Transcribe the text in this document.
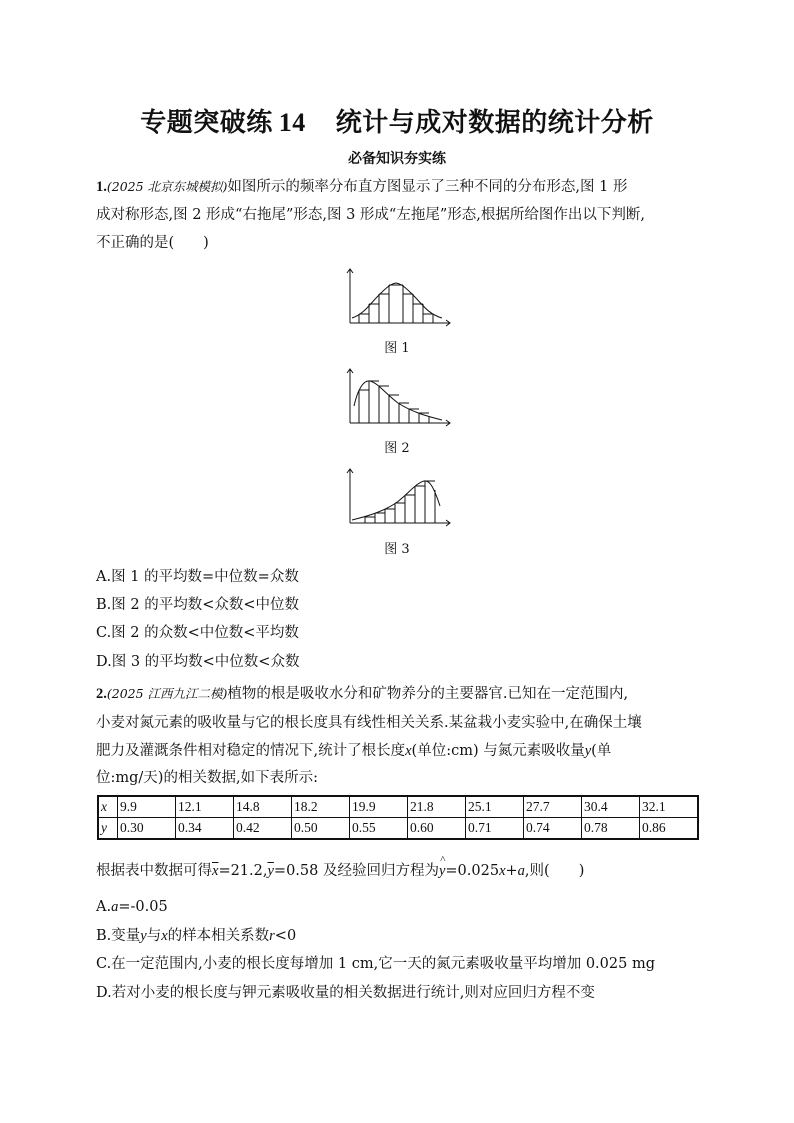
专题突破练 14 统计与成对数据的统计分析
必备知识夯实练
1.(2025 北京东城模拟)如图所示的频率分布直方图显示了三种不同的分布形态,图 1 形
成对称形态,图 2 形成“右拖尾”形态,图 3 形成“左拖尾”形态,根据所给图作出以下判断,
不正确的是(　　)
图 1
图 2
图 3
A.图 1 的平均数=中位数=众数
B.图 2 的平均数<众数<中位数
C.图 2 的众数<中位数<平均数
D.图 3 的平均数<中位数<众数
2.(2025 江西九江二模)植物的根是吸收水分和矿物养分的主要器官.已知在一定范围内,
小麦对氮元素的吸收量与它的根长度具有线性相关关系.某盆栽小麦实验中,在确保土壤
肥力及灌溉条件相对稳定的情况下,统计了根长度x(单位:cm) 与氮元素吸收量y(单
位:mg/天)的相关数据,如下表所示:
x	9.9	12.1	14.8	18.2	19.9	21.8	25.1	27.7	30.4	32.1
y	0.30	0.34	0.42	0.50	0.55	0.60	0.71	0.74	0.78	0.86
根据表中数据可得$\overline{x}=21.2,\overline{y}=0.58$ 及经验回归方程为^ y=0.025x+a,则(　　)
A.a=-0.05
B.变量y与x的样本相关系数r<0
C.在一定范围内,小麦的根长度每增加 1 cm,它一天的氮元素吸收量平均增加 0.025 mg
D.若对小麦的根长度与钾元素吸收量的相关数据进行统计,则对应回归方程不变
